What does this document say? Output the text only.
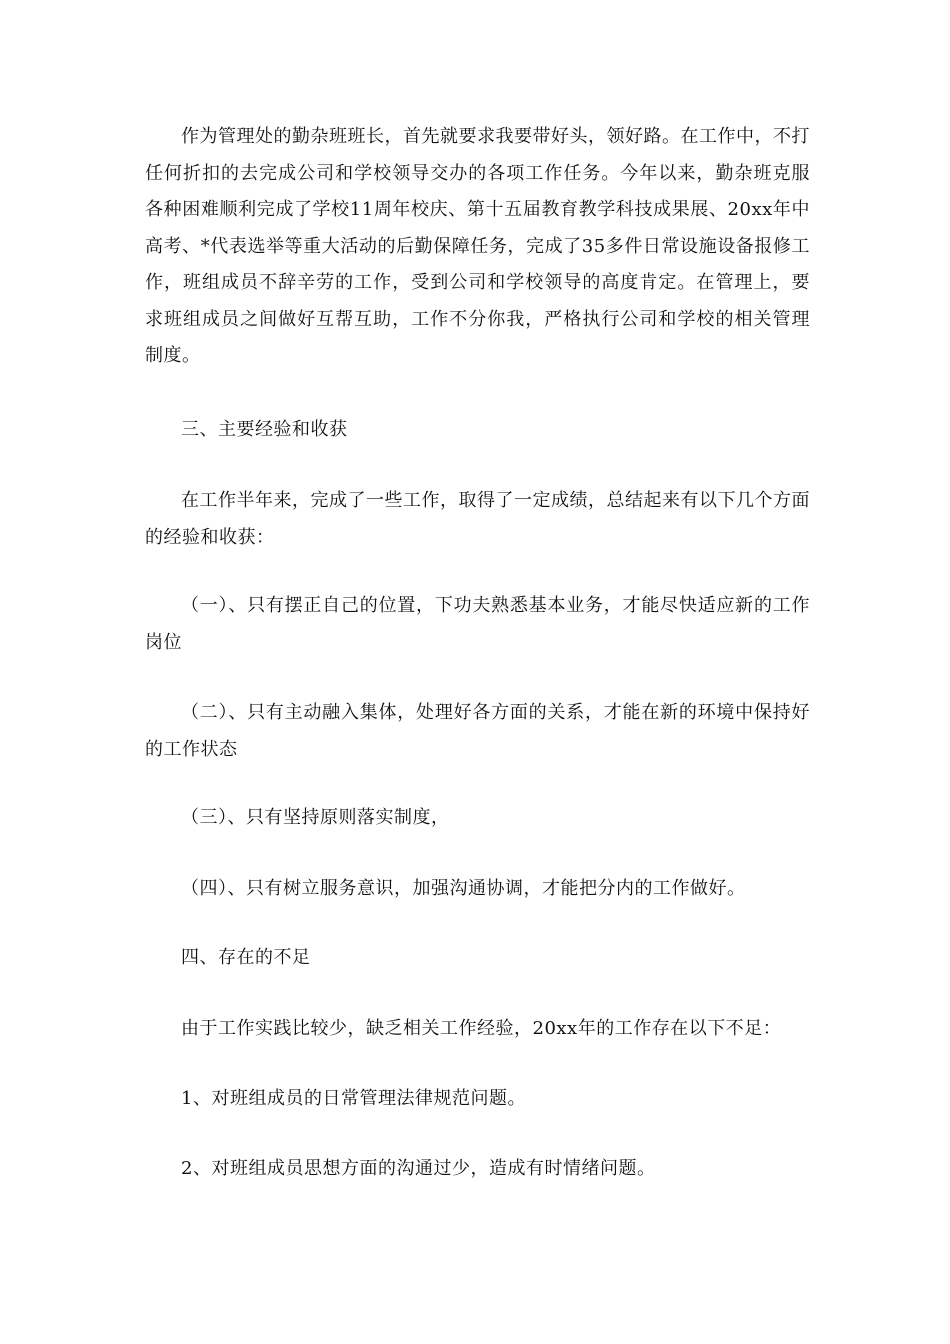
作为管理处的勤杂班班长，首先就要求我要带好头，领好路。在工作中，不打任何折扣的去完成公司和学校领导交办的各项工作任务。今年以来，勤杂班克服各种困难顺利完成了学校11周年校庆、第十五届教育教学科技成果展、20xx年中高考、*代表选举等重大活动的后勤保障任务，完成了35多件日常设施设备报修工作，班组成员不辞辛劳的工作，受到公司和学校领导的高度肯定。在管理上，要求班组成员之间做好互帮互助，工作不分你我，严格执行公司和学校的相关管理制度。

三、主要经验和收获

在工作半年来，完成了一些工作，取得了一定成绩，总结起来有以下几个方面的经验和收获：

（一）、只有摆正自己的位置，下功夫熟悉基本业务，才能尽快适应新的工作岗位

（二）、只有主动融入集体，处理好各方面的关系，才能在新的环境中保持好的工作状态

（三）、只有坚持原则落实制度，

（四）、只有树立服务意识，加强沟通协调，才能把分内的工作做好。

四、存在的不足

由于工作实践比较少，缺乏相关工作经验，20xx年的工作存在以下不足：

1、对班组成员的日常管理法律规范问题。

2、对班组成员思想方面的沟通过少，造成有时情绪问题。
